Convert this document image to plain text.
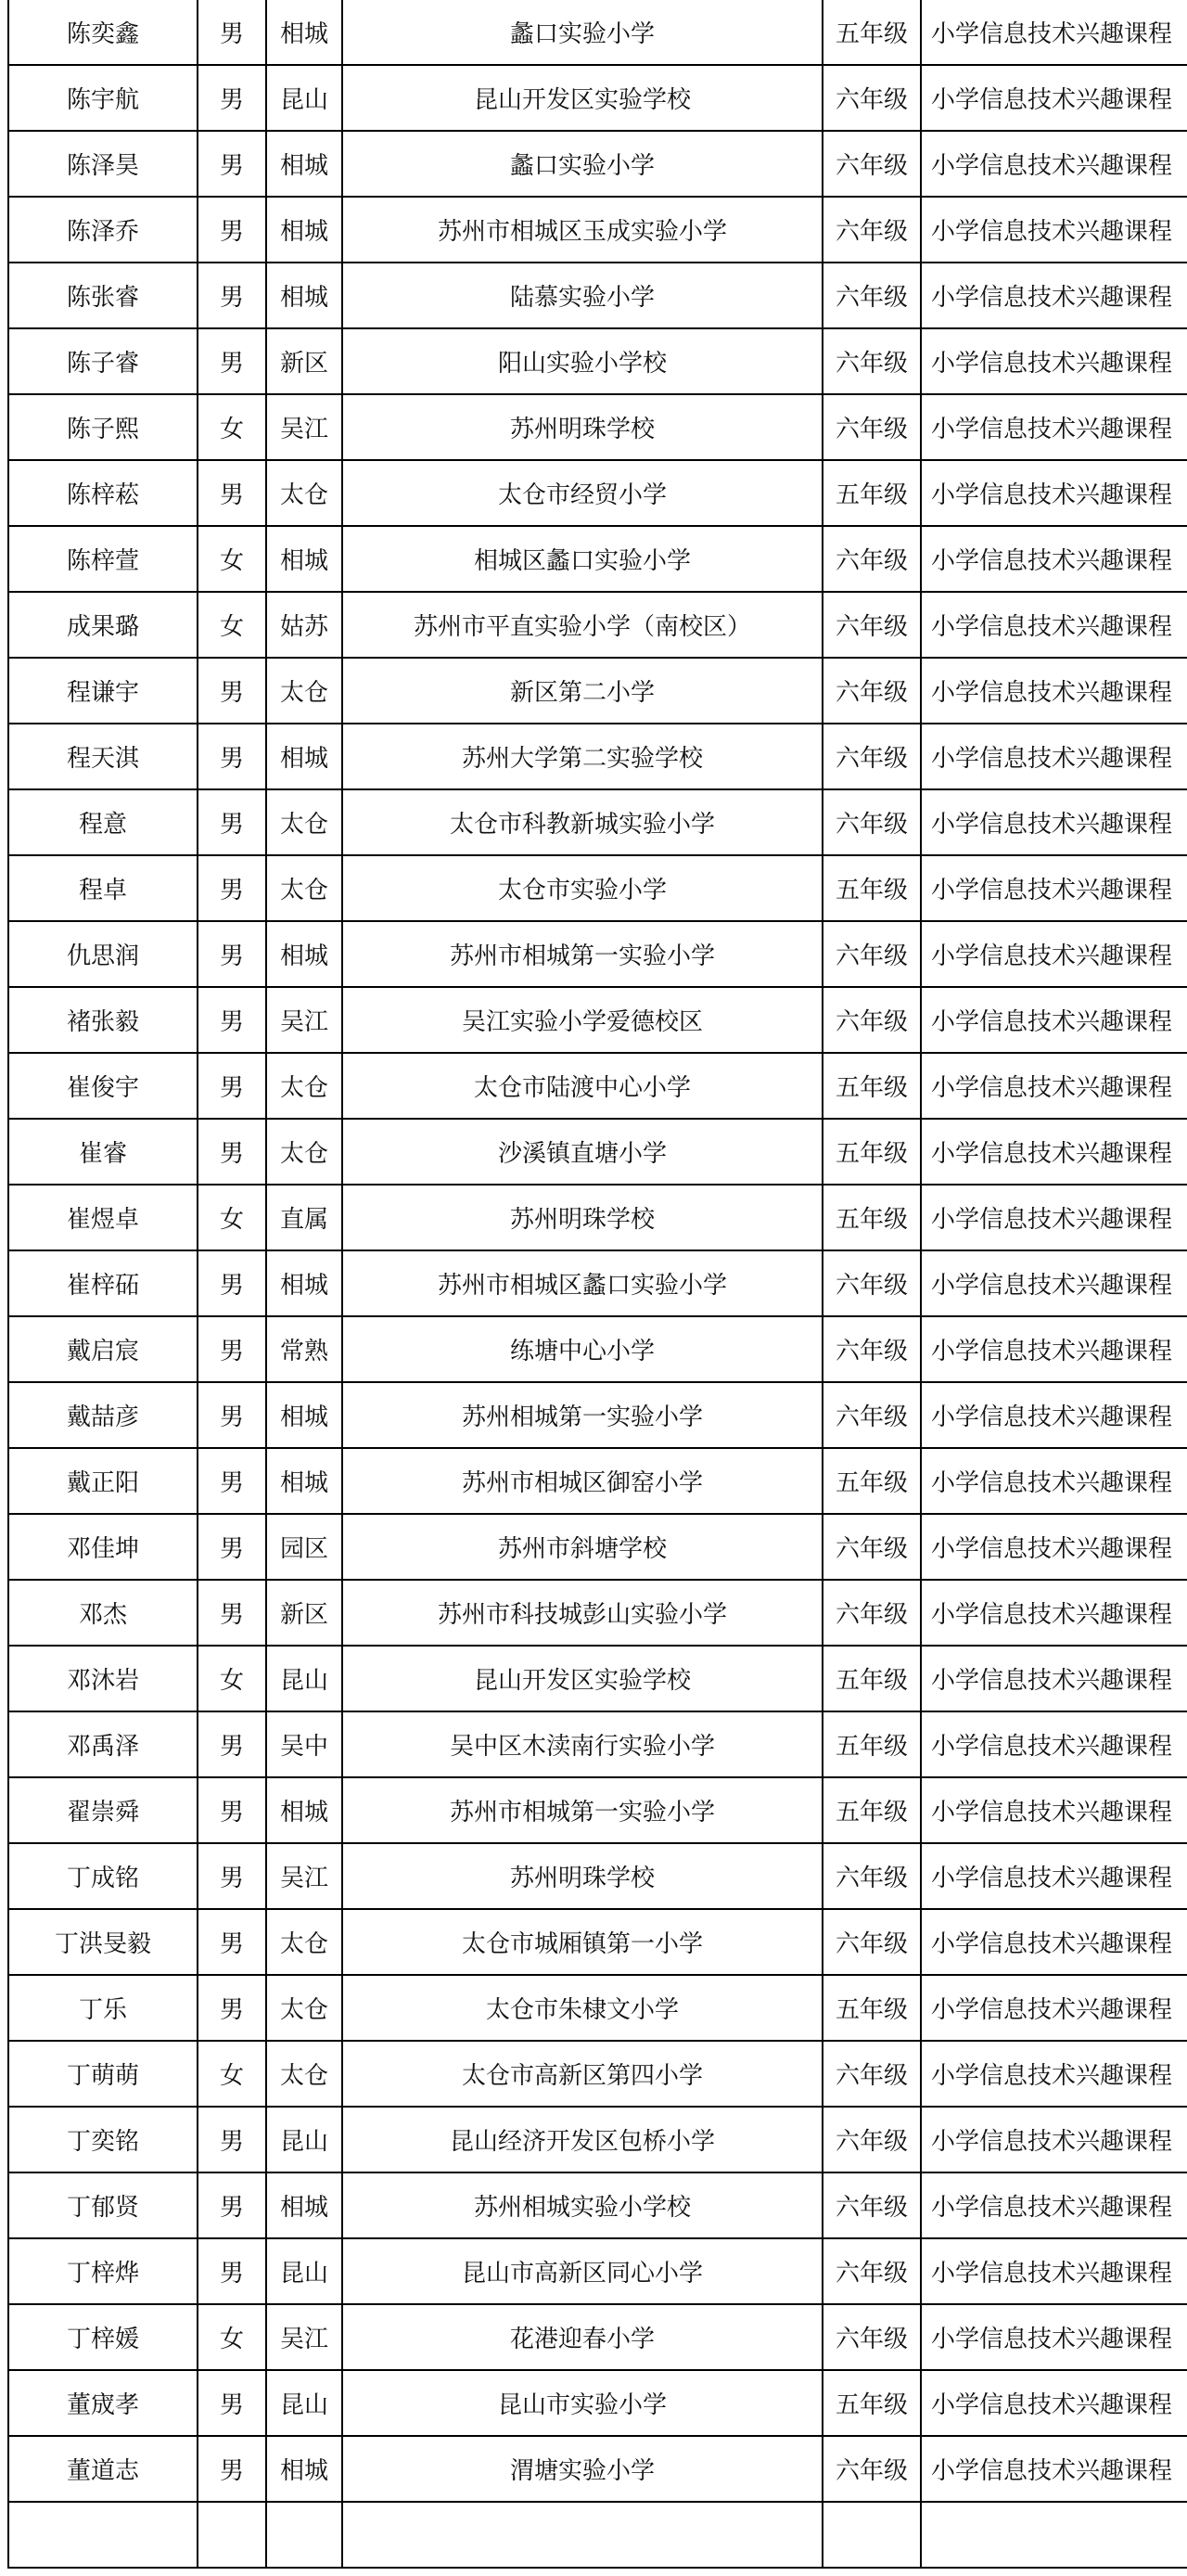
陈奕鑫	男	相城	蠡口实验小学	五年级	小学信息技术兴趣课程
陈宇航	男	昆山	昆山开发区实验学校	六年级	小学信息技术兴趣课程
陈泽昊	男	相城	蠡口实验小学	六年级	小学信息技术兴趣课程
陈泽乔	男	相城	苏州市相城区玉成实验小学	六年级	小学信息技术兴趣课程
陈张睿	男	相城	陆慕实验小学	六年级	小学信息技术兴趣课程
陈子睿	男	新区	阳山实验小学校	六年级	小学信息技术兴趣课程
陈子熙	女	吴江	苏州明珠学校	六年级	小学信息技术兴趣课程
陈梓菘	男	太仓	太仓市经贸小学	五年级	小学信息技术兴趣课程
陈梓萱	女	相城	相城区蠡口实验小学	六年级	小学信息技术兴趣课程
成果璐	女	姑苏	苏州市平直实验小学（南校区）	六年级	小学信息技术兴趣课程
程谦宇	男	太仓	新区第二小学	六年级	小学信息技术兴趣课程
程天淇	男	相城	苏州大学第二实验学校	六年级	小学信息技术兴趣课程
程意	男	太仓	太仓市科教新城实验小学	六年级	小学信息技术兴趣课程
程卓	男	太仓	太仓市实验小学	五年级	小学信息技术兴趣课程
仇思润	男	相城	苏州市相城第一实验小学	六年级	小学信息技术兴趣课程
褚张毅	男	吴江	吴江实验小学爱德校区	六年级	小学信息技术兴趣课程
崔俊宇	男	太仓	太仓市陆渡中心小学	五年级	小学信息技术兴趣课程
崔睿	男	太仓	沙溪镇直塘小学	五年级	小学信息技术兴趣课程
崔煜卓	女	直属	苏州明珠学校	五年级	小学信息技术兴趣课程
崔梓砳	男	相城	苏州市相城区蠡口实验小学	六年级	小学信息技术兴趣课程
戴启宸	男	常熟	练塘中心小学	六年级	小学信息技术兴趣课程
戴喆彦	男	相城	苏州相城第一实验小学	六年级	小学信息技术兴趣课程
戴正阳	男	相城	苏州市相城区御窑小学	五年级	小学信息技术兴趣课程
邓佳坤	男	园区	苏州市斜塘学校	六年级	小学信息技术兴趣课程
邓杰	男	新区	苏州市科技城彭山实验小学	六年级	小学信息技术兴趣课程
邓沐岩	女	昆山	昆山开发区实验学校	五年级	小学信息技术兴趣课程
邓禹泽	男	吴中	吴中区木渎南行实验小学	五年级	小学信息技术兴趣课程
翟崇舜	男	相城	苏州市相城第一实验小学	五年级	小学信息技术兴趣课程
丁成铭	男	吴江	苏州明珠学校	六年级	小学信息技术兴趣课程
丁洪旻毅	男	太仓	太仓市城厢镇第一小学	六年级	小学信息技术兴趣课程
丁乐	男	太仓	太仓市朱棣文小学	五年级	小学信息技术兴趣课程
丁萌萌	女	太仓	太仓市高新区第四小学	六年级	小学信息技术兴趣课程
丁奕铭	男	昆山	昆山经济开发区包桥小学	六年级	小学信息技术兴趣课程
丁郁贤	男	相城	苏州相城实验小学校	六年级	小学信息技术兴趣课程
丁梓烨	男	昆山	昆山市高新区同心小学	六年级	小学信息技术兴趣课程
丁梓媛	女	吴江	花港迎春小学	六年级	小学信息技术兴趣课程
董宬孝	男	昆山	昆山市实验小学	五年级	小学信息技术兴趣课程
董道志	男	相城	渭塘实验小学	六年级	小学信息技术兴趣课程
